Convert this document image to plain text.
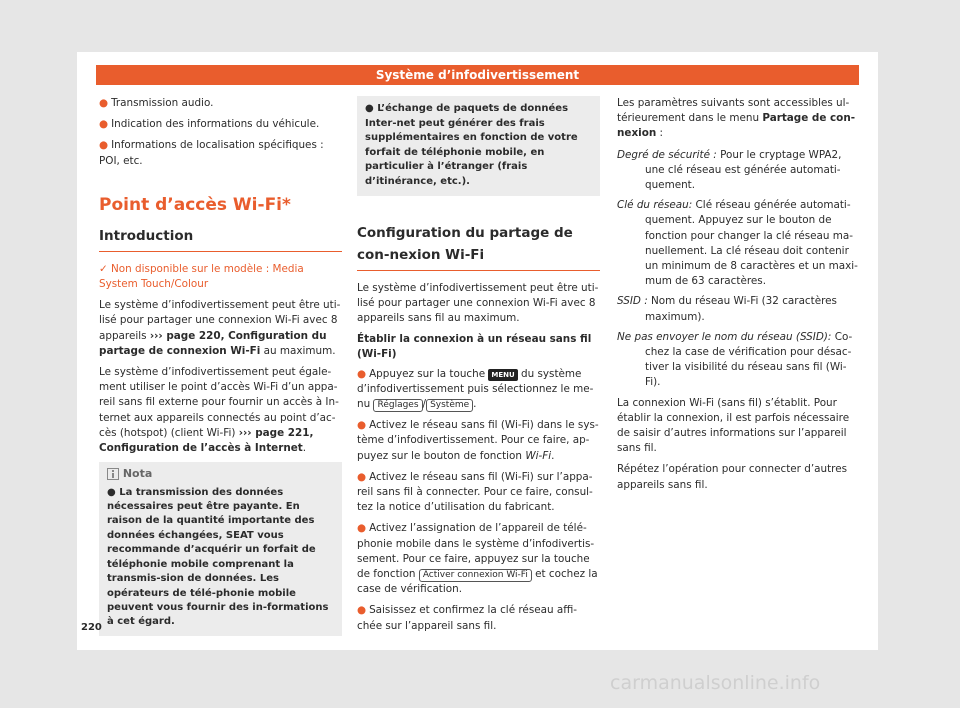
Système d’infodivertissement

● Transmission audio.

● Indication des informations du véhicule.

● Informations de localisation spécifiques : POI, etc.

Point d’accès Wi-Fi*
Introduction

✓ Non disponible sur le modèle : Media System Touch/Colour

Le système d’infodivertissement peut être uti-lisé pour partager une connexion Wi-Fi avec 8 appareils ››› page 220, Configuration du partage de connexion Wi-Fi au maximum.

Le système d’infodivertissement peut égale-ment utiliser le point d’accès Wi-Fi d’un appa-reil sans fil externe pour fournir un accès à In-ternet aux appareils connectés au point d’ac-cès (hotspot) (client Wi-Fi) ››› page 221, Configuration de l’accès à Internet.

Nota
● La transmission des données nécessaires peut être payante. En raison de la quantité importante des données échangées, SEAT vous recommande d’acquérir un forfait de téléphonie mobile comprenant la transmis-sion de données. Les opérateurs de télé-phonie mobile peuvent vous fournir des in-formations à cet égard.
● L’échange de paquets de données Inter-net peut générer des frais supplémentaires en fonction de votre forfait de téléphonie mobile, en particulier à l’étranger (frais d’itinérance, etc.).
Configuration du partage de con-nexion Wi-Fi

Le système d’infodivertissement peut être uti-lisé pour partager une connexion Wi-Fi avec 8 appareils sans fil au maximum.

Établir la connexion à un réseau sans fil (Wi-Fi)

● Appuyez sur la touche MENU du système d’infodivertissement puis sélectionnez le me-nu Réglages / Système .

● Activez le réseau sans fil (Wi-Fi) dans le sys-tème d’infodivertissement. Pour ce faire, ap-puyez sur le bouton de fonction Wi-Fi.

● Activez le réseau sans fil (Wi-Fi) sur l’appa-reil sans fil à connecter. Pour ce faire, consul-tez la notice d’utilisation du fabricant.

● Activez l’assignation de l’appareil de télé-phonie mobile dans le système d’infodivertis-sement. Pour ce faire, appuyez sur la touche de fonction Activer connexion Wi-Fi et cochez la case de vérification.

● Saisissez et confirmez la clé réseau affi-chée sur l’appareil sans fil.

Les paramètres suivants sont accessibles ul-térieurement dans le menu Partage de con-nexion :

Degré de sécurité : Pour le cryptage WPA2, une clé réseau est générée automati-quement.

Clé du réseau: Clé réseau générée automati-quement. Appuyez sur le bouton de fonction pour changer la clé réseau ma-nuellement. La clé réseau doit contenir un minimum de 8 caractères et un maxi-mum de 63 caractères.

SSID : Nom du réseau Wi-Fi (32 caractères maximum).

Ne pas envoyer le nom du réseau (SSID): Co-chez la case de vérification pour désac-tiver la visibilité du réseau sans fil (Wi-Fi).

La connexion Wi-Fi (sans fil) s’établit. Pour établir la connexion, il est parfois nécessaire de saisir d’autres informations sur l’appareil sans fil.

Répétez l’opération pour connecter d’autres appareils sans fil.

220
carmanualsonline.info
